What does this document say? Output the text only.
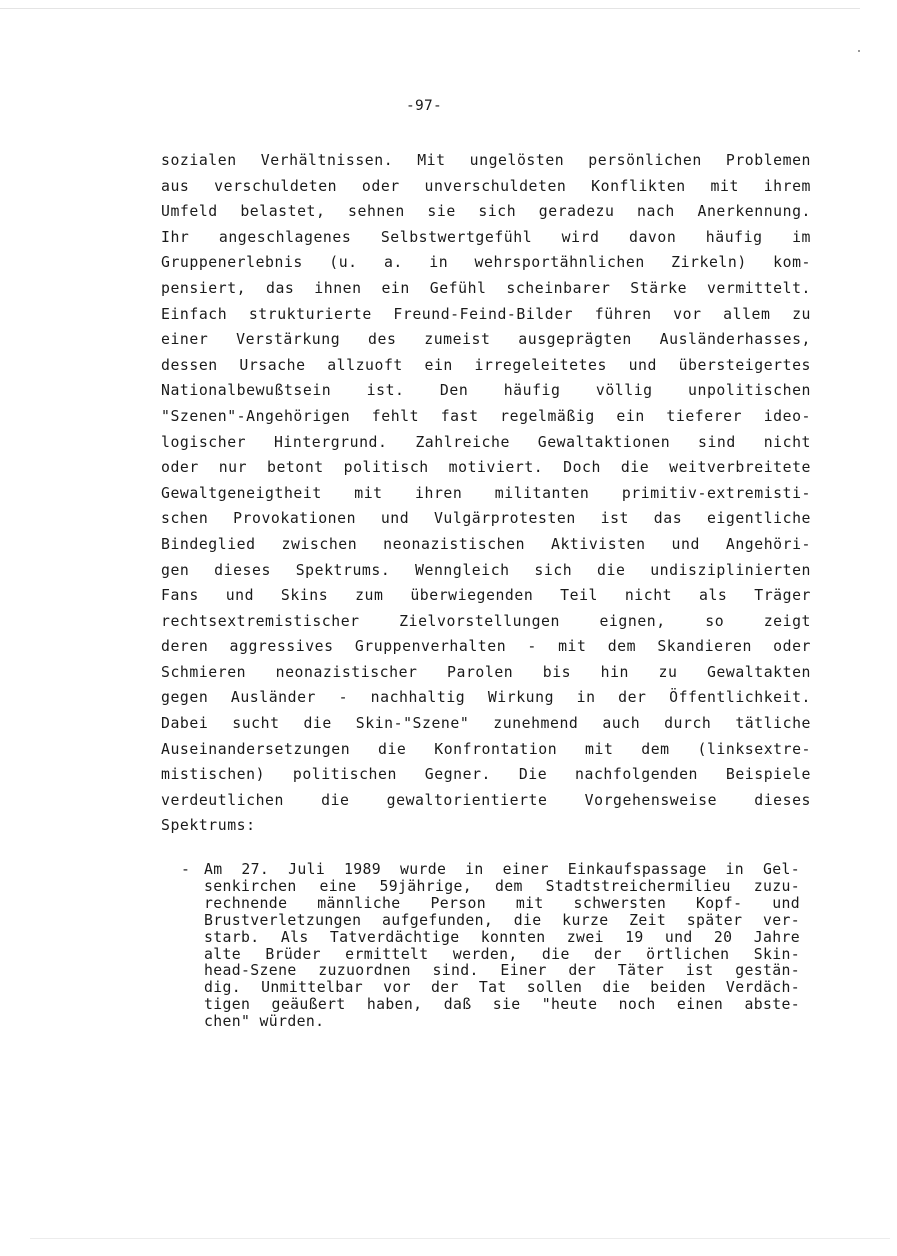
-97-
sozialen Verhältnissen. Mit ungelösten persönlichen Problemen
aus verschuldeten oder unverschuldeten Konflikten mit ihrem
Umfeld belastet, sehnen sie sich geradezu nach Anerkennung.
Ihr angeschlagenes Selbstwertgefühl wird davon häufig im
Gruppenerlebnis (u. a. in wehrsportähnlichen Zirkeln) kom-
pensiert, das ihnen ein Gefühl scheinbarer Stärke vermittelt.
Einfach strukturierte Freund-Feind-Bilder führen vor allem zu
einer Verstärkung des zumeist ausgeprägten Ausländerhasses,
dessen Ursache allzuoft ein irregeleitetes und übersteigertes
Nationalbewußtsein ist. Den häufig völlig unpolitischen
"Szenen"-Angehörigen fehlt fast regelmäßig ein tieferer ideo-
logischer Hintergrund. Zahlreiche Gewaltaktionen sind nicht
oder nur betont politisch motiviert. Doch die weitverbreitete
Gewaltgeneigtheit mit ihren militanten primitiv-extremisti-
schen Provokationen und Vulgärprotesten ist das eigentliche
Bindeglied zwischen neonazistischen Aktivisten und Angehöri-
gen dieses Spektrums. Wenngleich sich die undisziplinierten
Fans und Skins zum überwiegenden Teil nicht als Träger
rechtsextremistischer Zielvorstellungen eignen, so zeigt
deren aggressives Gruppenverhalten - mit dem Skandieren oder
Schmieren neonazistischer Parolen bis hin zu Gewaltakten
gegen Ausländer - nachhaltig Wirkung in der Öffentlichkeit.
Dabei sucht die Skin-"Szene" zunehmend auch durch tätliche
Auseinandersetzungen die Konfrontation mit dem (linksextre-
mistischen) politischen Gegner. Die nachfolgenden Beispiele
verdeutlichen die gewaltorientierte Vorgehensweise dieses
Spektrums:
- Am 27. Juli 1989 wurde in einer Einkaufspassage in Gel-
senkirchen eine 59jährige, dem Stadtstreichermilieu zuzu-
rechnende männliche Person mit schwersten Kopf- und
Brustverletzungen aufgefunden, die kurze Zeit später ver-
starb. Als Tatverdächtige konnten zwei 19 und 20 Jahre
alte Brüder ermittelt werden, die der örtlichen Skin-
head-Szene zuzuordnen sind. Einer der Täter ist gestän-
dig. Unmittelbar vor der Tat sollen die beiden Verdäch-
tigen geäußert haben, daß sie "heute noch einen abste-
chen" würden.
